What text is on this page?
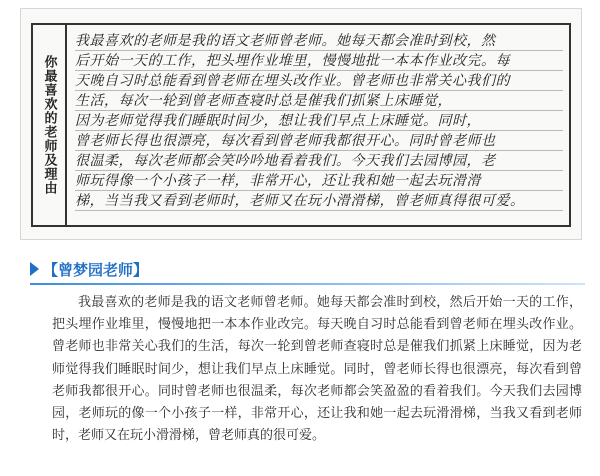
你最喜欢的老师及理由
我最喜欢的老师是我的语文老师曾老师。她每天都会准时到校，然
后开始一天的工作，把头埋作业堆里，慢慢地批一本本作业改完。每
天晚自习时总能看到曾老师在埋头改作业。曾老师也非常关心我们的
生活，每次一轮到曾老师查寝时总是催我们抓紧上床睡觉，
因为老师觉得我们睡眠时间少，想让我们早点上床睡觉。同时，
曾老师长得也很漂亮，每次看到曾老师我都很开心。同时曾老师也
很温柔，每次老师都会笑吟吟地看着我们。今天我们去园博园，老
师玩得像一个小孩子一样，非常开心，还让我和她一起去玩滑滑
梯，当当我又看到老师时，老师又在玩小滑滑梯，曾老师真得很可爱。
【曾梦园老师】

我最喜欢的老师是我的语文老师曾老师。她每天都会准时到校，然后开始一天的工作，把头埋作业堆里，慢慢地把一本本作业改完。每天晚自习时总能看到曾老师在埋头改作业。曾老师也非常关心我们的生活，每次一轮到曾老师查寝时总是催我们抓紧上床睡觉，因为老师觉得我们睡眠时间少，想让我们早点上床睡觉。同时，曾老师长得也很漂亮，每次看到曾老师我都很开心。同时曾老师也很温柔，每次老师都会笑盈盈的看着我们。今天我们去园博园，老师玩的像一个小孩子一样，非常开心，还让我和她一起去玩滑滑梯，当我又看到老师时，老师又在玩小滑滑梯，曾老师真的很可爱。
